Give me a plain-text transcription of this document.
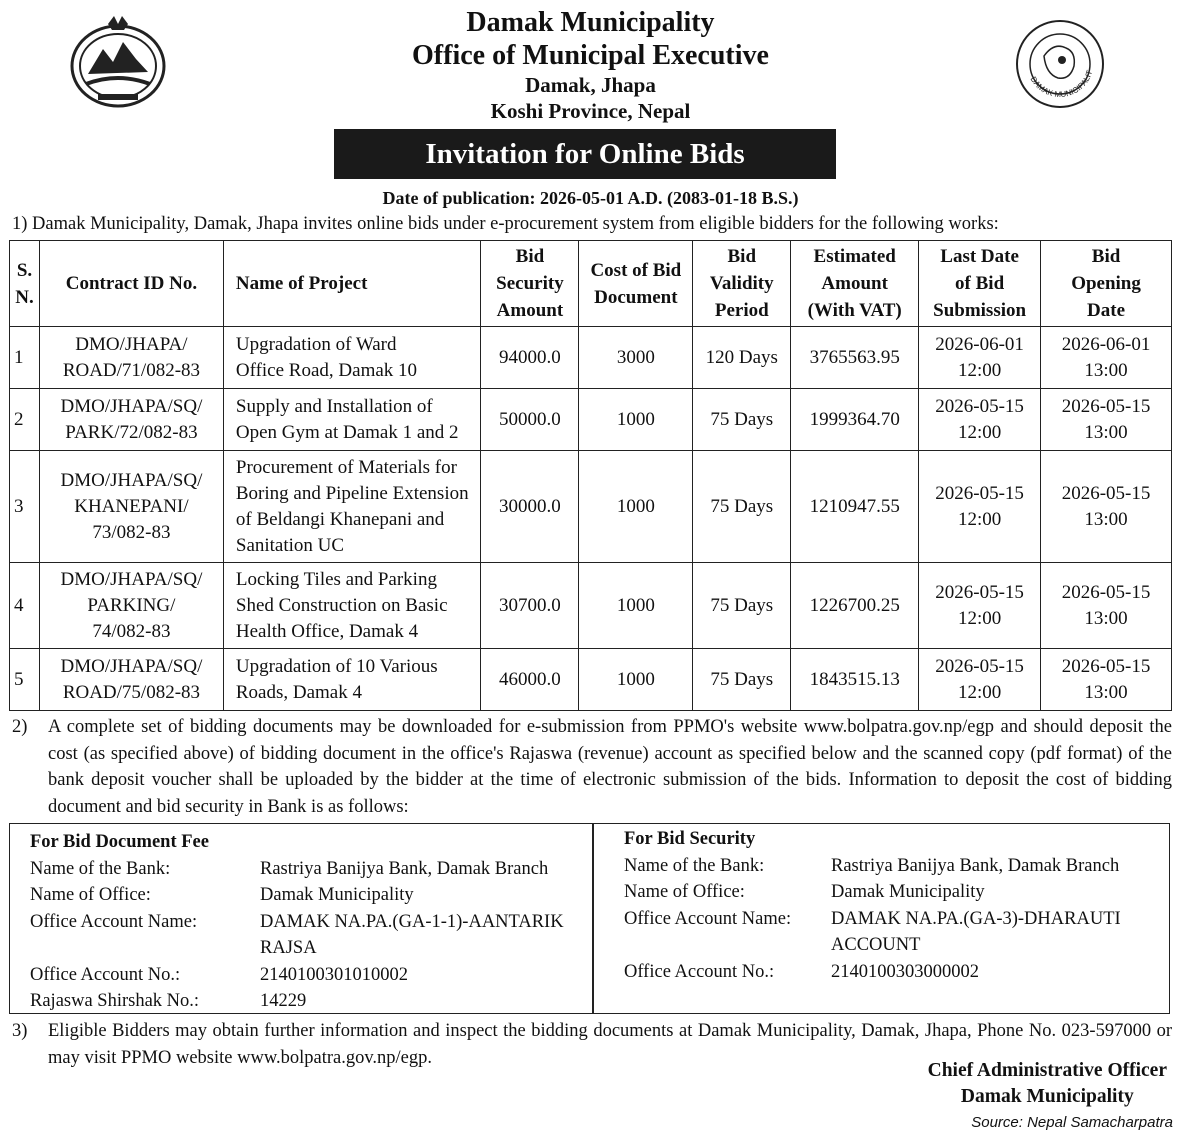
Damak Municipality
Office of Municipal Executive
Damak, Jhapa
Koshi Province, Nepal
DAMAK MUNICIPALIT
Invitation for Online Bids
Date of publication: 2026-05-01 A.D. (2083-01-18 B.S.)
1) Damak Municipality, Damak, Jhapa invites online bids under e-procurement system from eligible bidders for the following works:
S.
N.	Contract ID No.	Name of Project	Bid
Security
Amount	Cost of Bid
Document	Bid
Validity
Period	Estimated
Amount
(With VAT)	Last Date
of Bid
Submission	Bid
Opening
Date

1	DMO/JHAPA/
ROAD/71/082-83	Upgradation of Ward
Office Road, Damak 10	94000.0	3000	120 Days	3765563.95	2026-06-01
12:00	2026-06-01
13:00

2	DMO/JHAPA/SQ/
PARK/72/082-83	Supply and Installation of
Open Gym at Damak 1 and 2	50000.0	1000	75 Days	1999364.70	2026-05-15
12:00	2026-05-15
13:00

3	DMO/JHAPA/SQ/
KHANEPANI/
73/082-83	Procurement of Materials for
Boring and Pipeline Extension
of Beldangi Khanepani and
Sanitation UC	30000.0	1000	75 Days	1210947.55	2026-05-15
12:00	2026-05-15
13:00

4	DMO/JHAPA/SQ/
PARKING/
74/082-83	Locking Tiles and Parking
Shed Construction on Basic
Health Office, Damak 4	30700.0	1000	75 Days	1226700.25	2026-05-15
12:00	2026-05-15
13:00

5	DMO/JHAPA/SQ/
ROAD/75/082-83	Upgradation of 10 Various
Roads, Damak 4	46000.0	1000	75 Days	1843515.13	2026-05-15
12:00	2026-05-15
13:00
2) A complete set of bidding documents may be downloaded for e-submission from PPMO's website www.bolpatra.gov.np/egp and should deposit the cost (as specified above) of bidding document in the office's Rajaswa (revenue) account as specified below and the scanned copy (pdf format) of the bank deposit voucher shall be uploaded by the bidder at the time of electronic submission of the bids. Information to deposit the cost of bidding document and bid security in Bank is as follows:
For Bid Document Fee
Name of the Bank:	Rastriya Banijya Bank, Damak Branch
Name of Office:	Damak Municipality
Office Account Name:	DAMAK NA.PA.(GA-1-1)-AANTARIK RAJSA
Office Account No.:	2140100301010002
Rajaswa Shirshak No.:	14229
For Bid Security
Name of the Bank:	Rastriya Banijya Bank, Damak Branch
Name of Office:	Damak Municipality
Office Account Name:	DAMAK NA.PA.(GA-3)-DHARAUTI ACCOUNT
Office Account No.:	2140100303000002
3) Eligible Bidders may obtain further information and inspect the bidding documents at Damak Municipality, Damak, Jhapa, Phone No. 023-597000 or may visit PPMO website www.bolpatra.gov.np/egp.
Chief Administrative Officer
Damak Municipality
Source: Nepal Samacharpatra
